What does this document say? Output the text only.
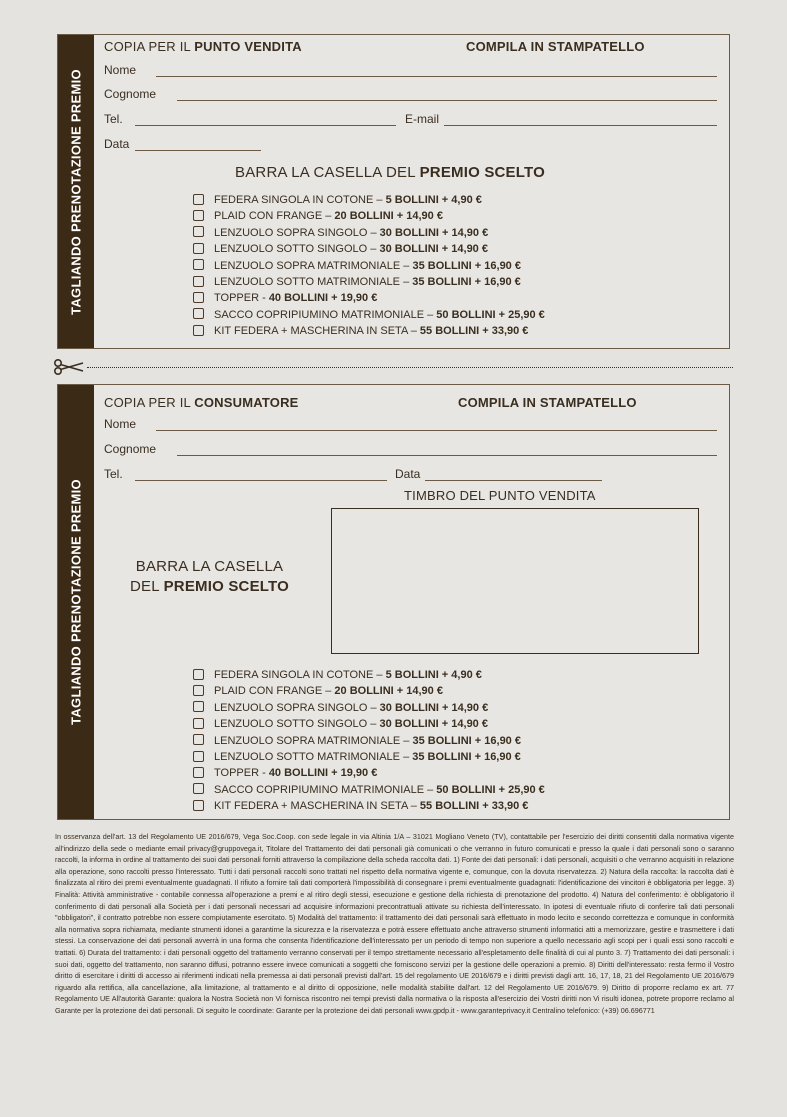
TAGLIANDO PRENOTAZIONE PREMIO
COPIA PER IL PUNTO VENDITA	COMPILA IN STAMPATELLO
Nome
Cognome
Tel.	E-mail
Data
BARRA LA CASELLA DEL PREMIO SCELTO
FEDERA SINGOLA IN COTONE – 5 BOLLINI + 4,90 €
PLAID CON FRANGE – 20 BOLLINI + 14,90 €
LENZUOLO SOPRA SINGOLO – 30 BOLLINI + 14,90 €
LENZUOLO SOTTO SINGOLO – 30 BOLLINI + 14,90 €
LENZUOLO SOPRA MATRIMONIALE – 35 BOLLINI + 16,90 €
LENZUOLO SOTTO MATRIMONIALE – 35 BOLLINI + 16,90 €
TOPPER - 40 BOLLINI + 19,90 €
SACCO COPRIPIUMINO MATRIMONIALE – 50 BOLLINI + 25,90 €
KIT FEDERA + MASCHERINA IN SETA – 55 BOLLINI + 33,90 €
TAGLIANDO PRENOTAZIONE PREMIO
COPIA PER IL CONSUMATORE	COMPILA IN STAMPATELLO
Nome
Cognome
Tel.	Data
TIMBRO DEL PUNTO VENDITA
BARRA LA CASELLA
DEL PREMIO SCELTO
FEDERA SINGOLA IN COTONE – 5 BOLLINI + 4,90 €
PLAID CON FRANGE – 20 BOLLINI + 14,90 €
LENZUOLO SOPRA SINGOLO – 30 BOLLINI + 14,90 €
LENZUOLO SOTTO SINGOLO – 30 BOLLINI + 14,90 €
LENZUOLO SOPRA MATRIMONIALE – 35 BOLLINI + 16,90 €
LENZUOLO SOTTO MATRIMONIALE – 35 BOLLINI + 16,90 €
TOPPER - 40 BOLLINI + 19,90 €
SACCO COPRIPIUMINO MATRIMONIALE – 50 BOLLINI + 25,90 €
KIT FEDERA + MASCHERINA IN SETA – 55 BOLLINI + 33,90 €
In osservanza dell'art. 13 del Regolamento UE 2016/679, Vega Soc.Coop. con sede legale in via Altinia 1/A – 31021 Mogliano Veneto (TV), contattabile per l'esercizio dei diritti consentiti dalla normativa vigente all'indirizzo della sede o mediante email privacy@gruppovega.it, Titolare del Trattamento dei dati personali già comunicati o che verranno in futuro comunicati e presso la quale i dati personali sono o saranno raccolti, la informa in ordine al trattamento dei suoi dati personali forniti attraverso la compilazione della scheda raccolta dati. 1) Fonte dei dati personali: i dati personali, acquisiti o che verranno acquisiti in relazione alla operazione, sono raccolti presso l'interessato. Tutti i dati personali raccolti sono trattati nel rispetto della normativa vigente e, comunque, con la dovuta riservatezza. 2) Natura della raccolta: la raccolta dati è finalizzata al ritiro dei premi eventualmente guadagnati. Il rifiuto a fornire tali dati comporterà l'impossibilità di consegnare i premi eventualmente guadagnati: l'identificazione dei vincitori è obbligatoria per legge. 3) Finalità: Attività amministrative - contabile connessa all'operazione a premi e al ritiro degli stessi, esecuzione e gestione della richiesta di prenotazione del prodotto. 4) Natura del conferimento: è obbligatorio il conferimento di dati personali alla Società per i dati personali necessari ad acquisire informazioni precontrattuali attivate su richiesta dell'interessato. In ipotesi di eventuale rifiuto di conferire tali dati personali "obbligatori", il contratto potrebbe non essere compiutamente esercitato. 5) Modalità del trattamento: il trattamento dei dati personali sarà effettuato in modo lecito e secondo correttezza e comunque in conformità alla normativa sopra richiamata, mediante strumenti idonei a garantirne la sicurezza e la riservatezza e potrà essere effettuato anche attraverso strumenti informatici atti a memorizzare, gestire e trasmettere i dati stessi. La conservazione dei dati personali avverrà in una forma che consenta l'identificazione dell'interessato per un periodo di tempo non superiore a quello necessario agli scopi per i quali essi sono raccolti e trattati. 6) Durata del trattamento: i dati personali oggetto del trattamento verranno conservati per il tempo strettamente necessario all'espletamento delle finalità di cui al punto 3. 7) Trattamento dei dati personali: i suoi dati, oggetto del trattamento, non saranno diffusi, potranno essere invece comunicati a soggetti che forniscono servizi per la gestione delle operazioni a premio. 8) Diritti dell'interessato: resta fermo il Vostro diritto di esercitare i diritti di accesso ai riferimenti indicati nella premessa ai dati personali previsti dall'art. 15 del regolamento UE 2016/679 e i diritti previsti dagli artt. 16, 17, 18, 21 del Regolamento UE 2016/679 riguardo alla rettifica, alla cancellazione, alla limitazione, al trattamento e al diritto di opposizione, nelle modalità stabilite dall'art. 12 del Regolamento UE 2016/679. 9) Diritto di proporre reclamo ex art. 77 Regolamento UE All'autorità Garante: qualora la Nostra Società non Vi fornisca riscontro nei tempi previsti dalla normativa o la risposta all'esercizio dei Vostri diritti non Vi risulti idonea, potrete proporre reclamo al Garante per la protezione dei dati personali. Di seguito le coordinate: Garante per la protezione dei dati personali www.gpdp.it - www.garanteprivacy.it Centralino telefonico: (+39) 06.696771
